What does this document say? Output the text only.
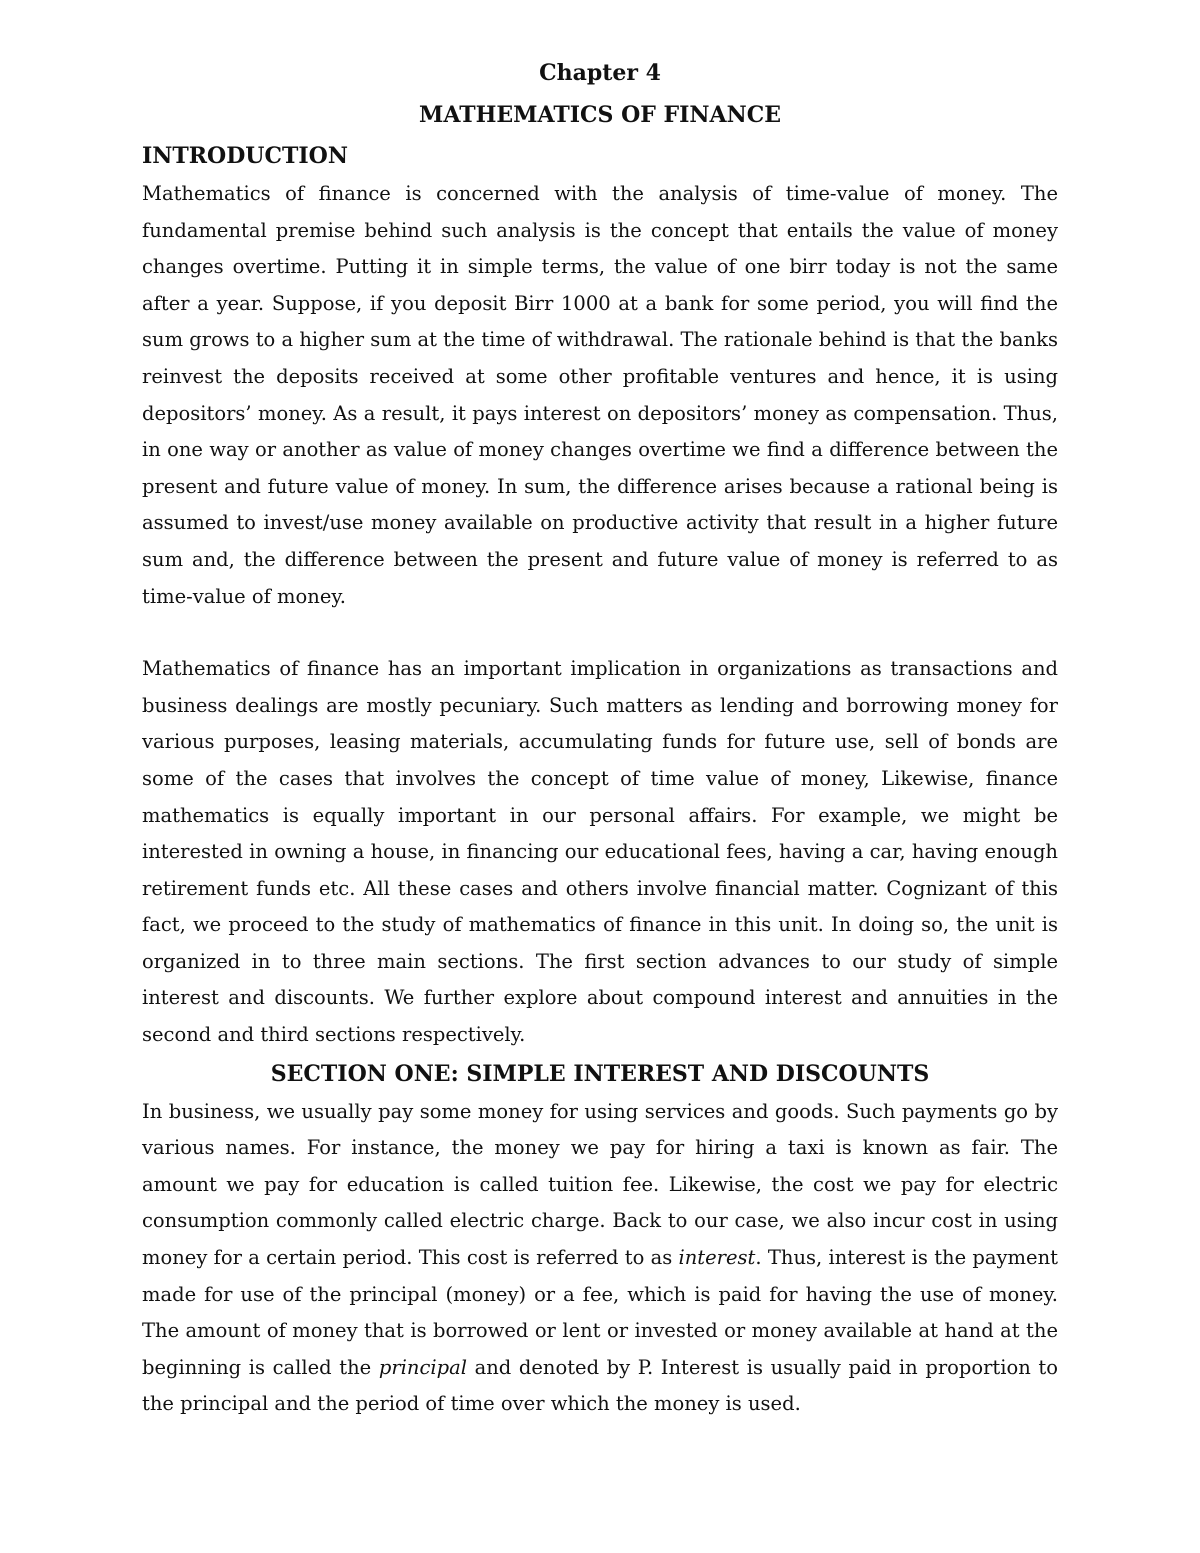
Chapter 4
MATHEMATICS OF FINANCE
INTRODUCTION

Mathematics of finance is concerned with the analysis of time-value of money. The fundamental premise behind such analysis is the concept that entails the value of money changes overtime. Putting it in simple terms, the value of one birr today is not the same after a year. Suppose, if you deposit Birr 1000 at a bank for some period, you will find the sum grows to a higher sum at the time of withdrawal. The rationale behind is that the banks reinvest the deposits received at some other profitable ventures and hence, it is using depositors’ money. As a result, it pays interest on depositors’ money as compensation. Thus, in one way or another as value of money changes overtime we find a difference between the present and future value of money. In sum, the difference arises because a rational being is assumed to invest/use money available on productive activity that result in a higher future sum and, the difference between the present and future value of money is referred to as time-value of money.

Mathematics of finance has an important implication in organizations as transactions and business dealings are mostly pecuniary. Such matters as lending and borrowing money for various purposes, leasing materials, accumulating funds for future use, sell of bonds are some of the cases that involves the concept of time value of money, Likewise, finance mathematics is equally important in our personal affairs. For example, we might be interested in owning a house, in financing our educational fees, having a car, having enough retirement funds etc. All these cases and others involve financial matter. Cognizant of this fact, we proceed to the study of mathematics of finance in this unit. In doing so, the unit is organized in to three main sections. The first section advances to our study of simple interest and discounts. We further explore about compound interest and annuities in the second and third sections respectively.

SECTION ONE: SIMPLE INTEREST AND DISCOUNTS

In business, we usually pay some money for using services and goods. Such payments go by various names. For instance, the money we pay for hiring a taxi is known as fair. The amount we pay for education is called tuition fee. Likewise, the cost we pay for electric consumption commonly called electric charge. Back to our case, we also incur cost in using money for a certain period. This cost is referred to as interest. Thus, interest is the payment made for use of the principal (money) or a fee, which is paid for having the use of money. The amount of money that is borrowed or lent or invested or money available at hand at the beginning is called the principal and denoted by P. Interest is usually paid in proportion to the principal and the period of time over which the money is used.
